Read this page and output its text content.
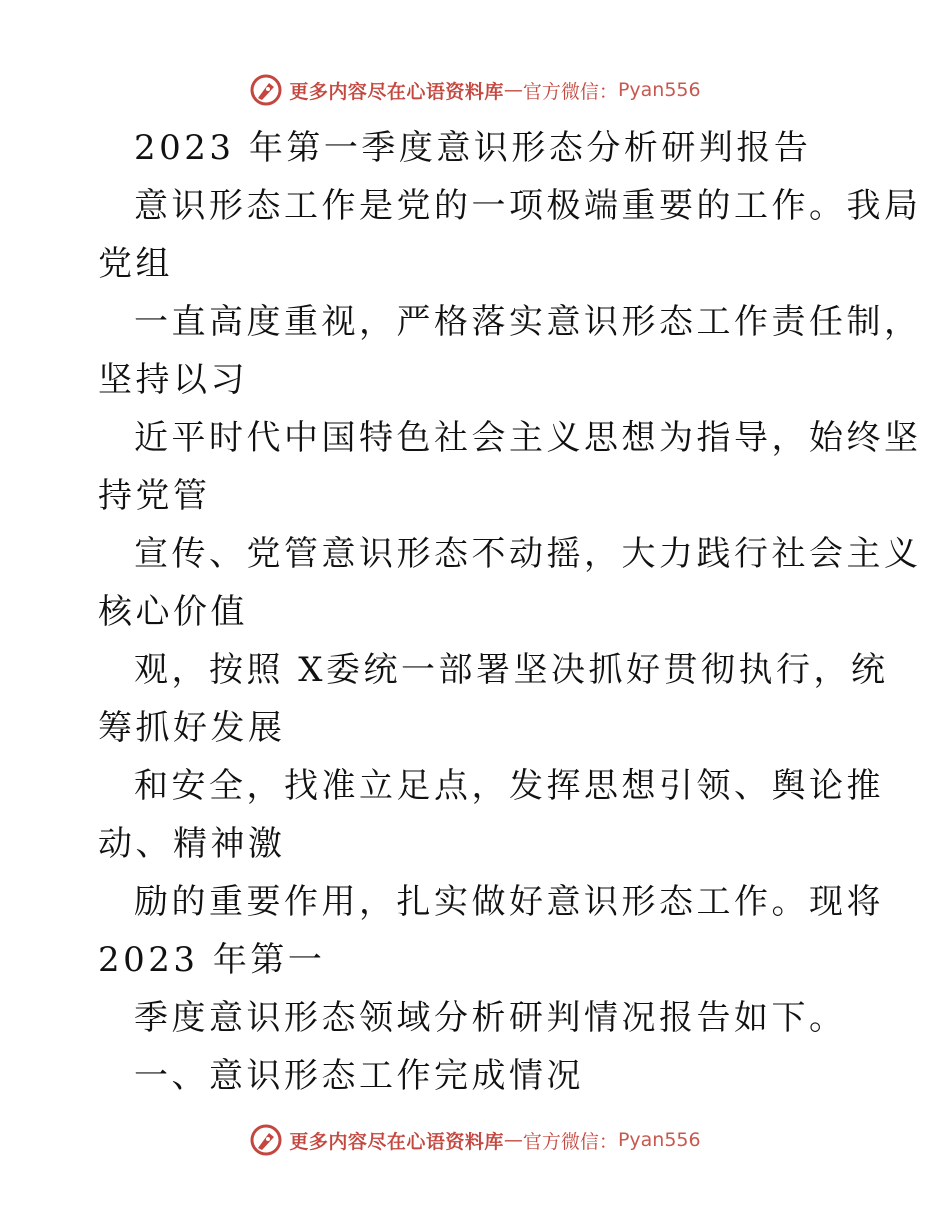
更多内容尽在心语资料库 — 官方微信： Pyan556
2023 年第一季度意识形态分析研判报告
意识形态工作是党的一项极端重要的工作。我局
党组
一直高度重视，严格落实意识形态工作责任制，
坚持以习
近平时代中国特色社会主义思想为指导，始终坚
持党管
宣传、党管意识形态不动摇，大力践行社会主义
核心价值
观，按照 X委统一部署坚决抓好贯彻执行，统
筹抓好发展
和安全，找准立足点，发挥思想引领、舆论推
动、精神激
励的重要作用，扎实做好意识形态工作。现将
2023 年第一
季度意识形态领域分析研判情况报告如下。
一、意识形态工作完成情况
更多内容尽在心语资料库 — 官方微信： Pyan556
